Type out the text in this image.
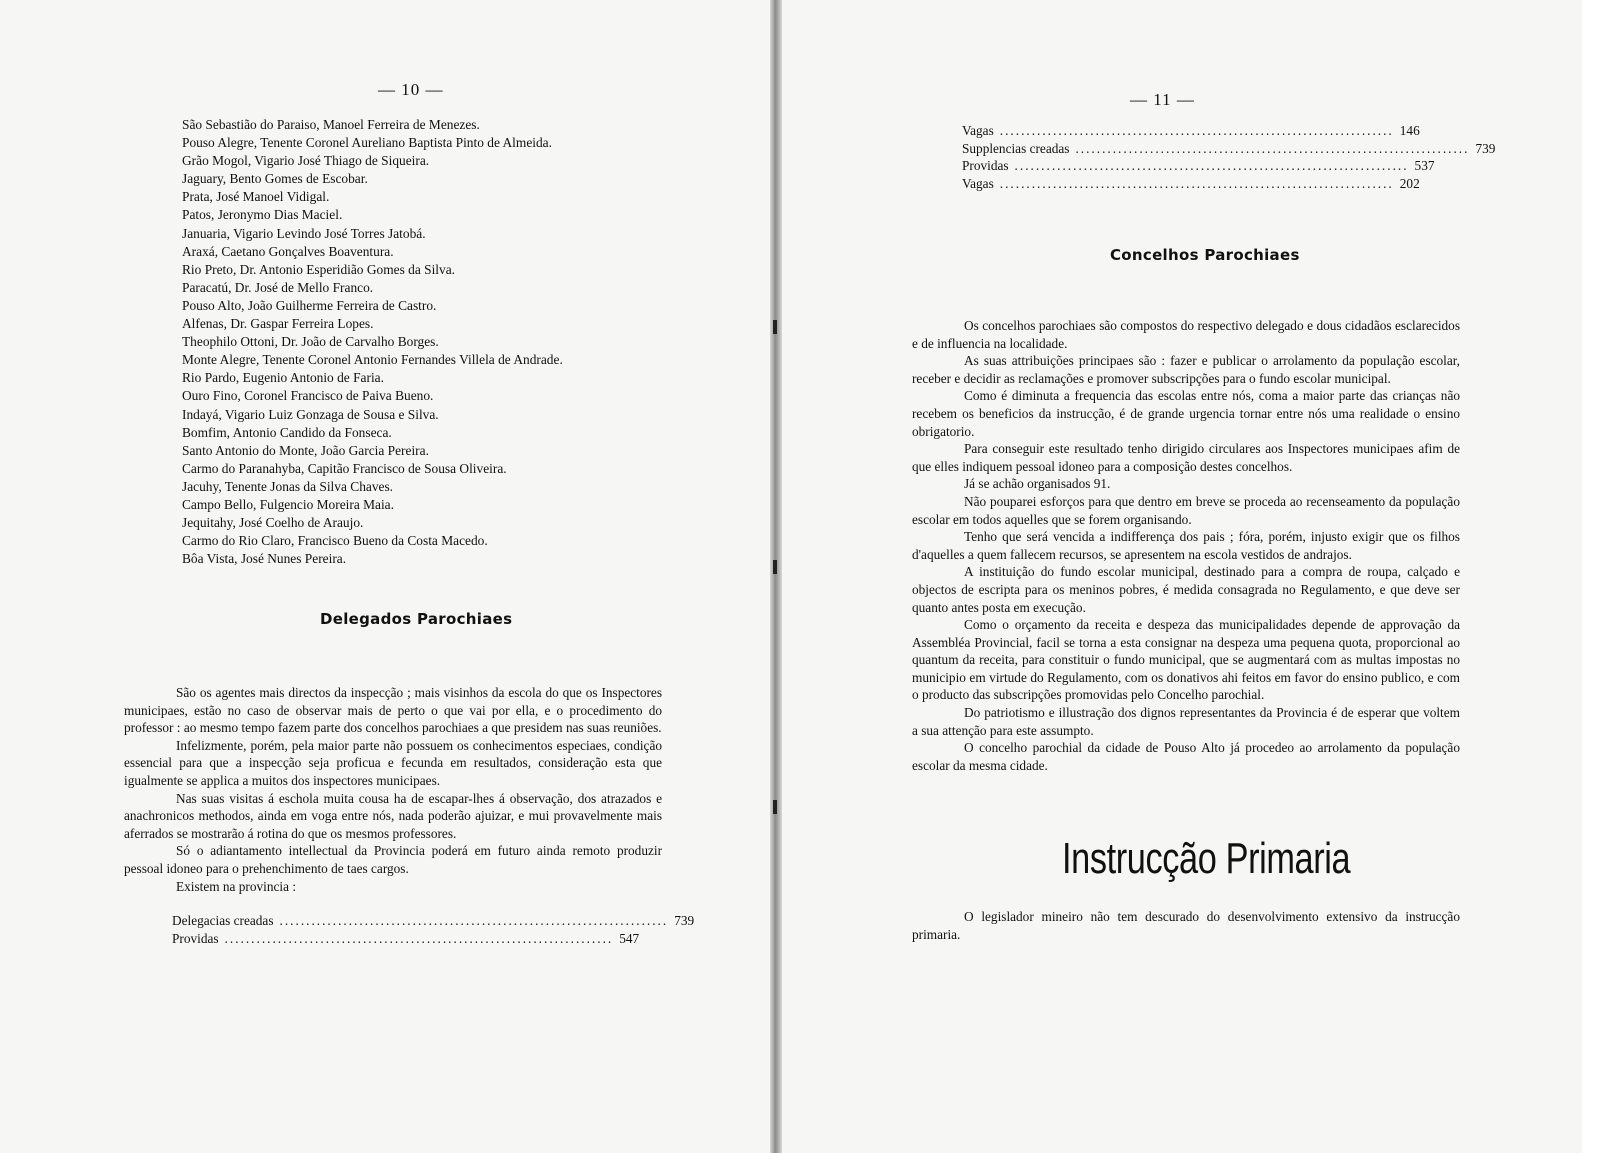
— 10 —
São Sebastião do Paraiso, Manoel Ferreira de Menezes.
Pouso Alegre, Tenente Coronel Aureliano Baptista Pinto de Almeida.
Grão Mogol, Vigario José Thiago de Siqueira.
Jaguary, Bento Gomes de Escobar.
Prata, José Manoel Vidigal.
Patos, Jeronymo Dias Maciel.
Januaria, Vigario Levindo José Torres Jatobá.
Araxá, Caetano Gonçalves Boaventura.
Rio Preto, Dr. Antonio Esperidião Gomes da Silva.
Paracatú, Dr. José de Mello Franco.
Pouso Alto, João Guilherme Ferreira de Castro.
Alfenas, Dr. Gaspar Ferreira Lopes.
Theophilo Ottoni, Dr. João de Carvalho Borges.
Monte Alegre, Tenente Coronel Antonio Fernandes Villela de Andrade.
Rio Pardo, Eugenio Antonio de Faria.
Ouro Fino, Coronel Francisco de Paiva Bueno.
Indayá, Vigario Luiz Gonzaga de Sousa e Silva.
Bomfim, Antonio Candido da Fonseca.
Santo Antonio do Monte, João Garcia Pereira.
Carmo do Paranahyba, Capitão Francisco de Sousa Oliveira.
Jacuhy, Tenente Jonas da Silva Chaves.
Campo Bello, Fulgencio Moreira Maia.
Jequitahy, José Coelho de Araujo.
Carmo do Rio Claro, Francisco Bueno da Costa Macedo.
Bôa Vista, José Nunes Pereira.
Delegados Parochiaes

São os agentes mais directos da inspecção ; mais visinhos da escola do que os Inspectores municipaes, estão no caso de observar mais de perto o que vai por ella, e o procedimento do professor : ao mesmo tempo fazem parte dos concelhos parochiaes a que presidem nas suas reuniões.

Infelizmente, porém, pela maior parte não possuem os conhecimentos especiaes, condição essencial para que a inspecção seja proficua e fecunda em resultados, consideração esta que igualmente se applica a muitos dos inspectores municipaes.

Nas suas visitas á eschola muita cousa ha de escapar-lhes á observação, dos atrazados e anachronicos methodos, ainda em voga entre nós, nada poderão ajuizar, e mui provavelmente mais aferrados se mostrarão á rotina do que os mesmos professores.

Só o adiantamento intellectual da Provincia poderá em futuro ainda remoto produzir pessoal idoneo para o prehenchimento de taes cargos.

Existem na provincia :

Delegacias creadas ......................................................................... 739
Providas ......................................................................... 547
— 11 —
Vagas .......................................................................... 146
Supplencias creadas .......................................................................... 739
Providas .......................................................................... 537
Vagas .......................................................................... 202
Concelhos Parochiaes

Os concelhos parochiaes são compostos do respectivo delegado e dous cidadãos esclarecidos e de influencia na localidade.

As suas attribuições principaes são : fazer e publicar o arrolamento da população escolar, receber e decidir as reclamações e promover subscripções para o fundo escolar municipal.

Como é diminuta a frequencia das escolas entre nós, coma a maior parte das crianças não recebem os beneficios da instrucção, é de grande urgencia tornar entre nós uma realidade o ensino obrigatorio.

Para conseguir este resultado tenho dirigido circulares aos Inspectores municipaes afim de que elles indiquem pessoal idoneo para a composição destes concelhos.

Já se achão organisados 91.

Não pouparei esforços para que dentro em breve se proceda ao recenseamento da população escolar em todos aquelles que se forem organisando.

Tenho que será vencida a indifferença dos pais ; fóra, porém, injusto exigir que os filhos d'aquelles a quem fallecem recursos, se apresentem na escola vestidos de andrajos.

A instituição do fundo escolar municipal, destinado para a compra de roupa, calçado e objectos de escripta para os meninos pobres, é medida consagrada no Regulamento, e que deve ser quanto antes posta em execução.

Como o orçamento da receita e despeza das municipalidades depende de approvação da Assembléa Provincial, facil se torna a esta consignar na despeza uma pequena quota, proporcional ao quantum da receita, para constituir o fundo municipal, que se augmentará com as multas impostas no municipio em virtude do Regulamento, com os donativos ahi feitos em favor do ensino publico, e com o producto das subscripções promovidas pelo Concelho parochial.

Do patriotismo e illustração dos dignos representantes da Provincia é de esperar que voltem a sua attenção para este assumpto.

O concelho parochial da cidade de Pouso Alto já procedeo ao arrolamento da população escolar da mesma cidade.

Instrucção Primaria

O legislador mineiro não tem descurado do desenvolvimento extensivo da instrucção primaria.
